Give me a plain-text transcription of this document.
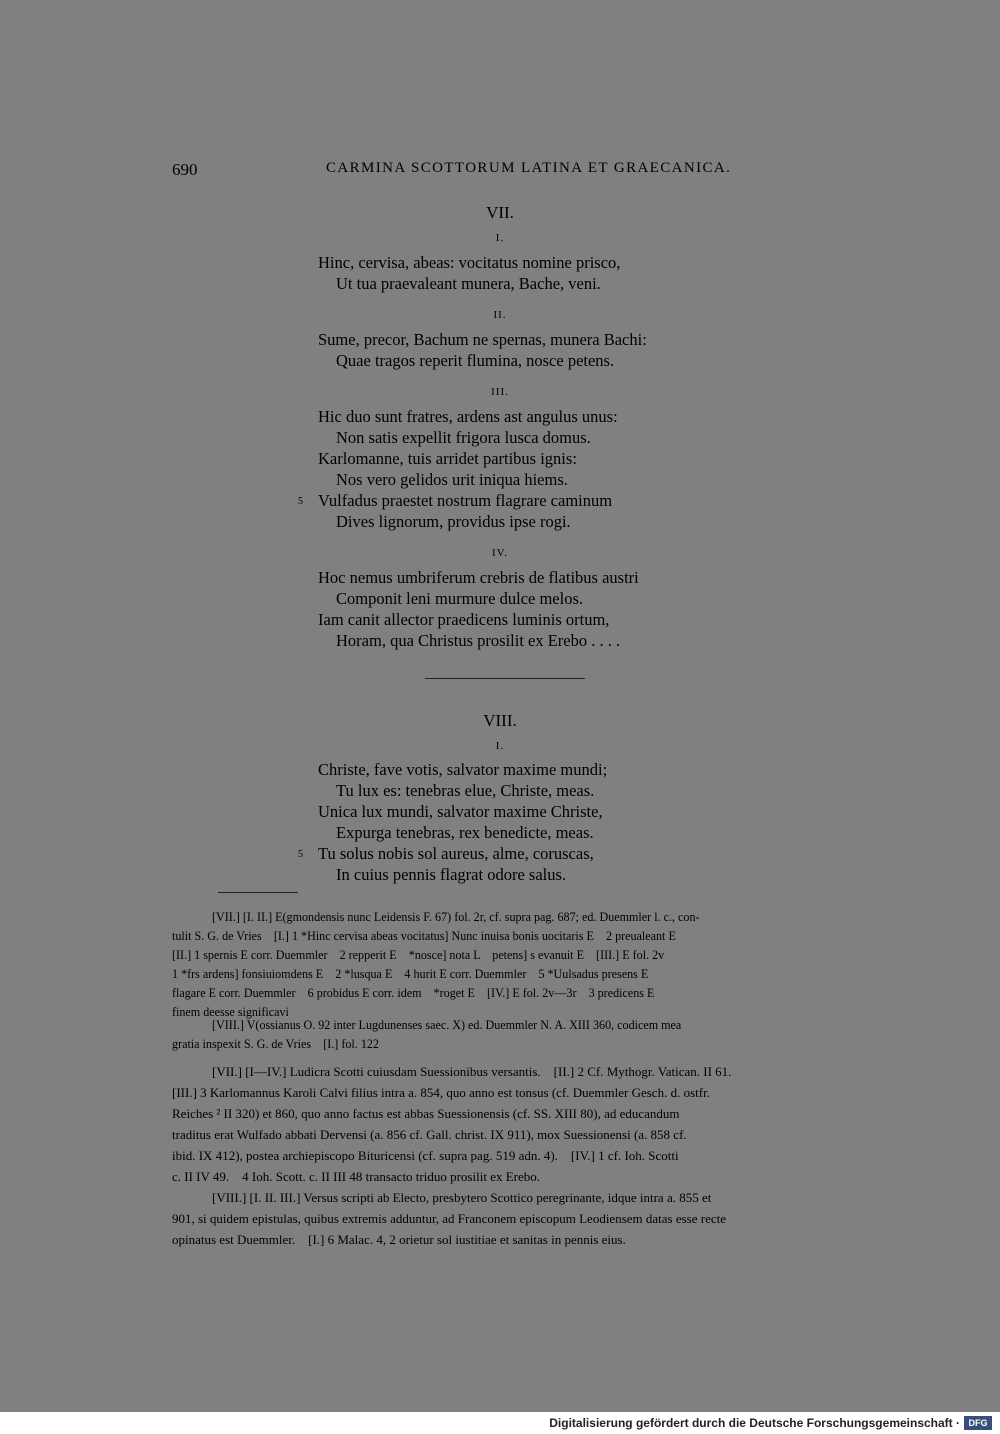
690	CARMINA SCOTTORUM LATINA ET GRAECANICA.
VII.
I.
Hinc, cervisa, abeas: vocitatus nomine prisco,
Ut tua praevaleant munera, Bache, veni.
II.
Sume, precor, Bachum ne spernas, munera Bachi:
Quae tragos reperit flumina, nosce petens.
III.
Hic duo sunt fratres, ardens ast angulus unus:
Non satis expellit frigora lusca domus.
Karlomanne, tuis arridet partibus ignis:
Nos vero gelidos urit iniqua hiems.
5 Vulfadus praestet nostrum flagrare caminum
Dives lignorum, providus ipse rogi.
IV.
Hoc nemus umbriferum crebris de flatibus austri
Componit leni murmure dulce melos.
Iam canit allector praedicens luminis ortum,
Horam, qua Christus prosilit ex Erebo . . . .
VIII.
I.
Christe, fave votis, salvator maxime mundi;
Tu lux es: tenebras elue, Christe, meas.
Unica lux mundi, salvator maxime Christe,
Expurga tenebras, rex benedicte, meas.
5 Tu solus nobis sol aureus, alme, coruscas,
In cuius pennis flagrat odore salus.
[VII.] [I. II.] E(gmondensis nunc Leidensis F. 67) fol. 2r, cf. supra pag. 687; ed. Duemmler l. c., con-
tulit S. G. de Vries    [I.] 1 *Hinc cervisa abeas vocitatus] Nunc inuisa bonis uocitaris E    2 preualeant E
[II.] 1 spernis E corr. Duemmler    2 repperit E    *nosce] nota L    petens] s evanuit E    [III.] E fol. 2v
1 *frs ardens] fonsiuiomdens E    2 *lusqua E    4 hurit E corr. Duemmler    5 *Uulsadus presens E
flagare E corr. Duemmler    6 probidus E corr. idem    *roget E    [IV.] E fol. 2v—3r    3 predicens E
finem deesse significavi
[VIII.] V(ossianus O. 92 inter Lugdunenses saec. X) ed. Duemmler N. A. XIII 360, codicem mea
gratia inspexit S. G. de Vries    [I.] fol. 122
[VII.] [I—IV.] Ludicra Scotti cuiusdam Suessionibus versantis.    [II.] 2 Cf. Mythogr. Vatican. II 61.
[III.] 3 Karlomannus Karoli Calvi filius intra a. 854, quo anno est tonsus (cf. Duemmler Gesch. d. ostfr.
Reiches ² II 320) et 860, quo anno factus est abbas Suessionensis (cf. SS. XIII 80), ad educandum
traditus erat Wulfado abbati Dervensi (a. 856 cf. Gall. christ. IX 911), mox Suessionensi (a. 858 cf.
ibid. IX 412), postea archiepiscopo Bituricensi (cf. supra pag. 519 adn. 4).    [IV.] 1 cf. Ioh. Scotti
c. II IV 49.    4 Ioh. Scott. c. II III 48 transacto triduo prosilit ex Erebo.
[VIII.] [I. II. III.] Versus scripti ab Electo, presbytero Scottico peregrinante, idque intra a. 855 et
901, si quidem epistulas, quibus extremis adduntur, ad Franconem episcopum Leodiensem datas esse recte
opinatus est Duemmler.    [I.] 6 Malac. 4, 2 orietur sol iustitiae et sanitas in pennis eius.
Digitalisierung gefördert durch die Deutsche Forschungsgemeinschaft · DFG
